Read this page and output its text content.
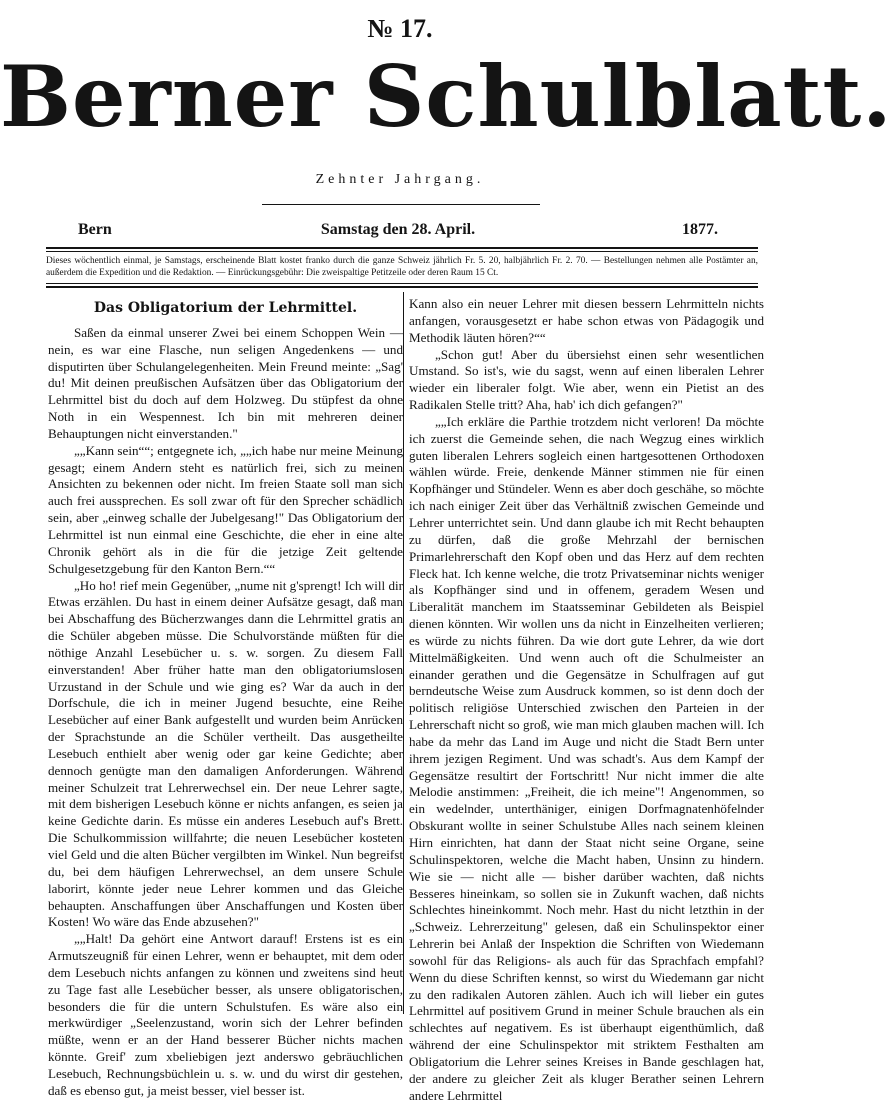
№ 17.
Berner Schulblatt.
Zehnter Jahrgang.
Bern	Samstag den 28. April.	1877.
Dieses wöchentlich einmal, je Samstags, erscheinende Blatt kostet franko durch die ganze Schweiz jährlich Fr. 5. 20, halbjährlich Fr. 2. 70. — Bestellungen nehmen alle Postämter an, außerdem die Expedition und die Redaktion. — Einrückungsgebühr: Die zweispaltige Petitzeile oder deren Raum 15 Ct.
Das Obligatorium der Lehrmittel.

Saßen da einmal unserer Zwei bei einem Schoppen Wein — nein, es war eine Flasche, nun seligen Angedenkens — und disputirten über Schulangelegenheiten. Mein Freund meinte: „Sag' du! Mit deinen preußischen Aufsätzen über das Obligatorium der Lehrmittel bist du doch auf dem Holzweg. Du stüpfest da ohne Noth in ein Wespennest. Ich bin mit mehreren deiner Behauptungen nicht einverstanden."

„„Kann sein““; entgegnete ich, „„ich habe nur meine Meinung gesagt; einem Andern steht es natürlich frei, sich zu meinen Ansichten zu bekennen oder nicht. Im freien Staate soll man sich auch frei aussprechen. Es soll zwar oft für den Sprecher schädlich sein, aber „einweg schalle der Jubelgesang!" Das Obligatorium der Lehrmittel ist nun einmal eine Geschichte, die eher in eine alte Chronik gehört als in die für die jetzige Zeit geltende Schulgesetzgebung für den Kanton Bern.““

„Ho ho! rief mein Gegenüber, „nume nit g'sprengt! Ich will dir Etwas erzählen. Du hast in einem deiner Aufsätze gesagt, daß man bei Abschaffung des Bücherzwanges dann die Lehrmittel gratis an die Schüler abgeben müsse. Die Schulvorstände müßten für die nöthige Anzahl Lesebücher u. s. w. sorgen. Zu diesem Fall einverstanden! Aber früher hatte man den obligatoriumslosen Urzustand in der Schule und wie ging es? War da auch in der Dorfschule, die ich in meiner Jugend besuchte, eine Reihe Lesebücher auf einer Bank aufgestellt und wurden beim Anrücken der Sprachstunde an die Schüler vertheilt. Das ausgetheilte Lesebuch enthielt aber wenig oder gar keine Gedichte; aber dennoch genügte man den damaligen Anforderungen. Während meiner Schulzeit trat Lehrerwechsel ein. Der neue Lehrer sagte, mit dem bisherigen Lesebuch könne er nichts anfangen, es seien ja keine Gedichte darin. Es müsse ein anderes Lesebuch auf's Brett. Die Schulkommission willfahrte; die neuen Lesebücher kosteten viel Geld und die alten Bücher vergilbten im Winkel. Nun begreifst du, bei dem häufigen Lehrerwechsel, an dem unsere Schule laborirt, könnte jeder neue Lehrer kommen und das Gleiche behaupten. Anschaffungen über Anschaffungen und Kosten über Kosten! Wo wäre das Ende abzusehen?"

„„Halt! Da gehört eine Antwort darauf! Erstens ist es ein Armutszeugniß für einen Lehrer, wenn er behauptet, mit dem oder dem Lesebuch nichts anfangen zu können und zweitens sind heut zu Tage fast alle Lesebücher besser, als unsere obligatorischen, besonders die für die untern Schulstufen. Es wäre also ein merkwürdiger „Seelenzustand, worin sich der Lehrer befinden müßte, wenn er an der Hand besserer Bücher nichts machen könnte. Greif' zum xbeliebigen jezt anderswo gebräuchlichen Lesebuch, Rechnungsbüchlein u. s. w. und du wirst dir gestehen, daß es ebenso gut, ja meist besser, viel besser ist.

Kann also ein neuer Lehrer mit diesen bessern Lehrmitteln nichts anfangen, vorausgesetzt er habe schon etwas von Pädagogik und Methodik läuten hören?““

„Schon gut! Aber du übersiehst einen sehr wesentlichen Umstand. So ist's, wie du sagst, wenn auf einen liberalen Lehrer wieder ein liberaler folgt. Wie aber, wenn ein Pietist an des Radikalen Stelle tritt? Aha, hab' ich dich gefangen?"

„„Ich erkläre die Parthie trotzdem nicht verloren! Da möchte ich zuerst die Gemeinde sehen, die nach Wegzug eines wirklich guten liberalen Lehrers sogleich einen hartgesottenen Orthodoxen wählen würde. Freie, denkende Männer stimmen nie für einen Kopfhänger und Stündeler. Wenn es aber doch geschähe, so möchte ich nach einiger Zeit über das Verhältniß zwischen Gemeinde und Lehrer unterrichtet sein. Und dann glaube ich mit Recht behaupten zu dürfen, daß die große Mehrzahl der bernischen Primarlehrerschaft den Kopf oben und das Herz auf dem rechten Fleck hat. Ich kenne welche, die trotz Privatseminar nichts weniger als Kopfhänger sind und in offenem, geradem Wesen und Liberalität manchem im Staatsseminar Gebildeten als Beispiel dienen könnten. Wir wollen uns da nicht in Einzelheiten verlieren; es würde zu nichts führen. Da wie dort gute Lehrer, da wie dort Mittelmäßigkeiten. Und wenn auch oft die Schulmeister an einander gerathen und die Gegensätze in Schulfragen auf gut berndeutsche Weise zum Ausdruck kommen, so ist denn doch der politisch religiöse Unterschied zwischen den Parteien in der Lehrerschaft nicht so groß, wie man mich glauben machen will. Ich habe da mehr das Land im Auge und nicht die Stadt Bern unter ihrem jezigen Regiment. Und was schadt's. Aus dem Kampf der Gegensätze resultirt der Fortschritt! Nur nicht immer die alte Melodie anstimmen: „Freiheit, die ich meine"! Angenommen, so ein wedelnder, unterthäniger, einigen Dorfmagnatenhöfelnder Obskurant wollte in seiner Schulstube Alles nach seinem kleinen Hirn einrichten, hat dann der Staat nicht seine Organe, seine Schulinspektoren, welche die Macht haben, Unsinn zu hindern. Wie sie — nicht alle — bisher darüber wachten, daß nichts Besseres hineinkam, so sollen sie in Zukunft wachen, daß nichts Schlechtes hineinkommt. Noch mehr. Hast du nicht letzthin in der „Schweiz. Lehrerzeitung" gelesen, daß ein Schulinspektor einer Lehrerin bei Anlaß der Inspektion die Schriften von Wiedemann sowohl für das Religions- als auch für das Sprachfach empfahl? Wenn du diese Schriften kennst, so wirst du Wiedemann gar nicht zu den radikalen Autoren zählen. Auch ich will lieber ein gutes Lehrmittel auf positivem Grund in meiner Schule brauchen als ein schlechtes auf negativem. Es ist überhaupt eigenthümlich, daß während der eine Schulinspektor mit striktem Festhalten am Obligatorium die Lehrer seines Kreises in Bande geschlagen hat, der andere zu gleicher Zeit als kluger Berather seinen Lehrern andere Lehrmittel
